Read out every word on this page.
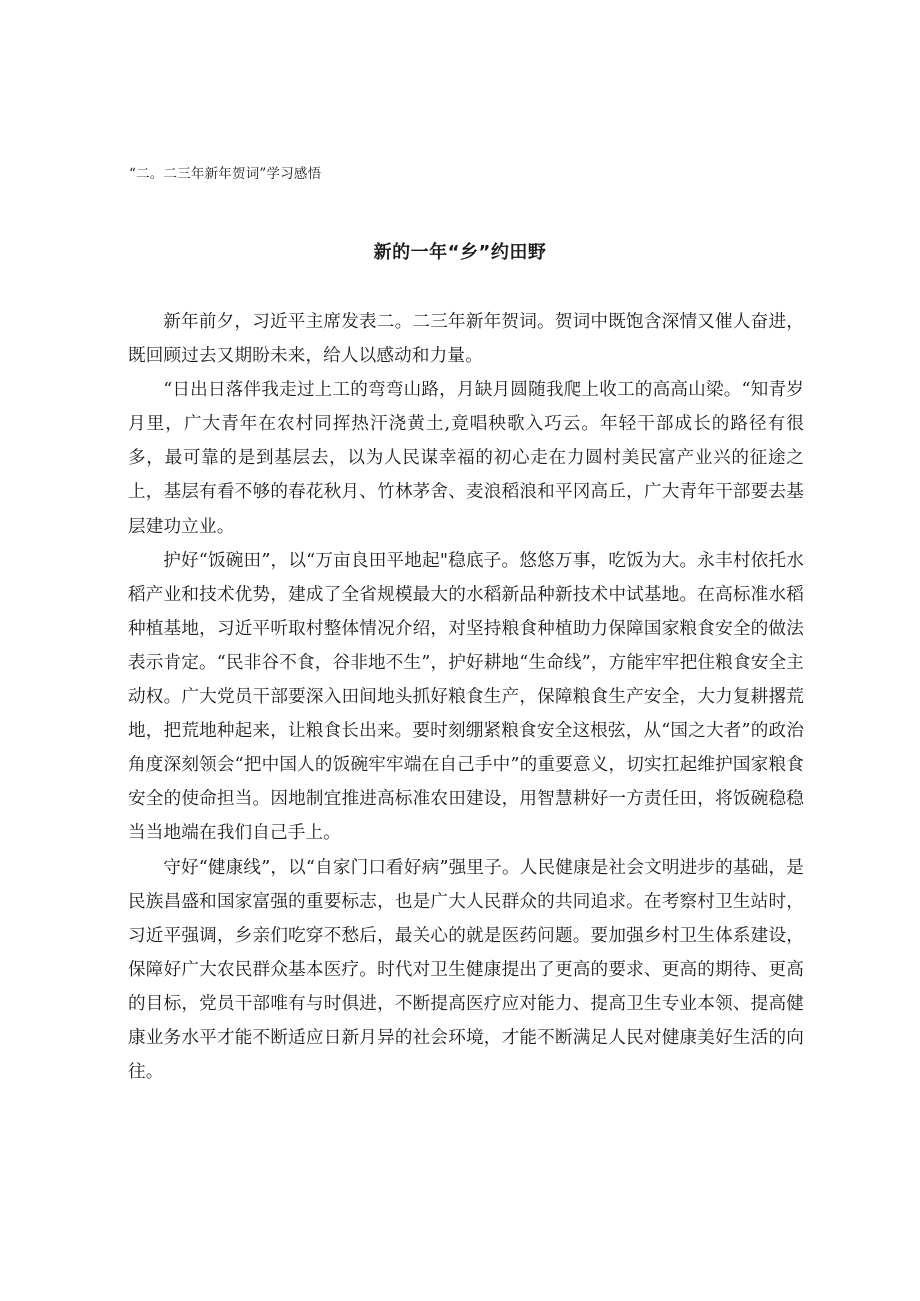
“二。二三年新年贺词”学习感悟
新的一年“乡”约田野

新年前夕，习近平主席发表二。二三年新年贺词。贺词中既饱含深情又催人奋进，既回顾过去又期盼未来，给人以感动和力量。

“日出日落伴我走过上工的弯弯山路，月缺月圆随我爬上收工的高高山梁。“知青岁月里，广大青年在农村同挥热汗浇黄土,竟唱秧歌入巧云。年轻干部成长的路径有很多，最可靠的是到基层去，以为人民谋幸福的初心走在力圆村美民富产业兴的征途之上，基层有看不够的春花秋月、竹林茅舍、麦浪稻浪和平冈高丘，广大青年干部要去基层建功立业。

护好“饭碗田”，以“万亩良田平地起"稳底子。悠悠万事，吃饭为大。永丰村依托水稻产业和技术优势，建成了全省规模最大的水稻新品种新技术中试基地。在高标准水稻种植基地，习近平听取村整体情况介绍，对坚持粮食种植助力保障国家粮食安全的做法表示肯定。“民非谷不食，谷非地不生”，护好耕地“生命线”，方能牢牢把住粮食安全主动权。广大党员干部要深入田间地头抓好粮食生产，保障粮食生产安全，大力复耕撂荒地，把荒地种起来，让粮食长出来。要时刻绷紧粮食安全这根弦，从“国之大者”的政治角度深刻领会“把中国人的饭碗牢牢端在自己手中”的重要意义，切实扛起维护国家粮食安全的使命担当。因地制宜推进高标准农田建设，用智慧耕好一方责任田，将饭碗稳稳当当地端在我们自己手上。

守好“健康线”，以“自家门口看好病”强里子。人民健康是社会文明进步的基础，是民族昌盛和国家富强的重要标志，也是广大人民群众的共同追求。在考察村卫生站时，习近平强调，乡亲们吃穿不愁后，最关心的就是医药问题。要加强乡村卫生体系建设，保障好广大农民群众基本医疗。时代对卫生健康提出了更高的要求、更高的期待、更高的目标，党员干部唯有与时俱进，不断提高医疗应对能力、提高卫生专业本领、提高健康业务水平才能不断适应日新月异的社会环境，才能不断满足人民对健康美好生活的向往。
